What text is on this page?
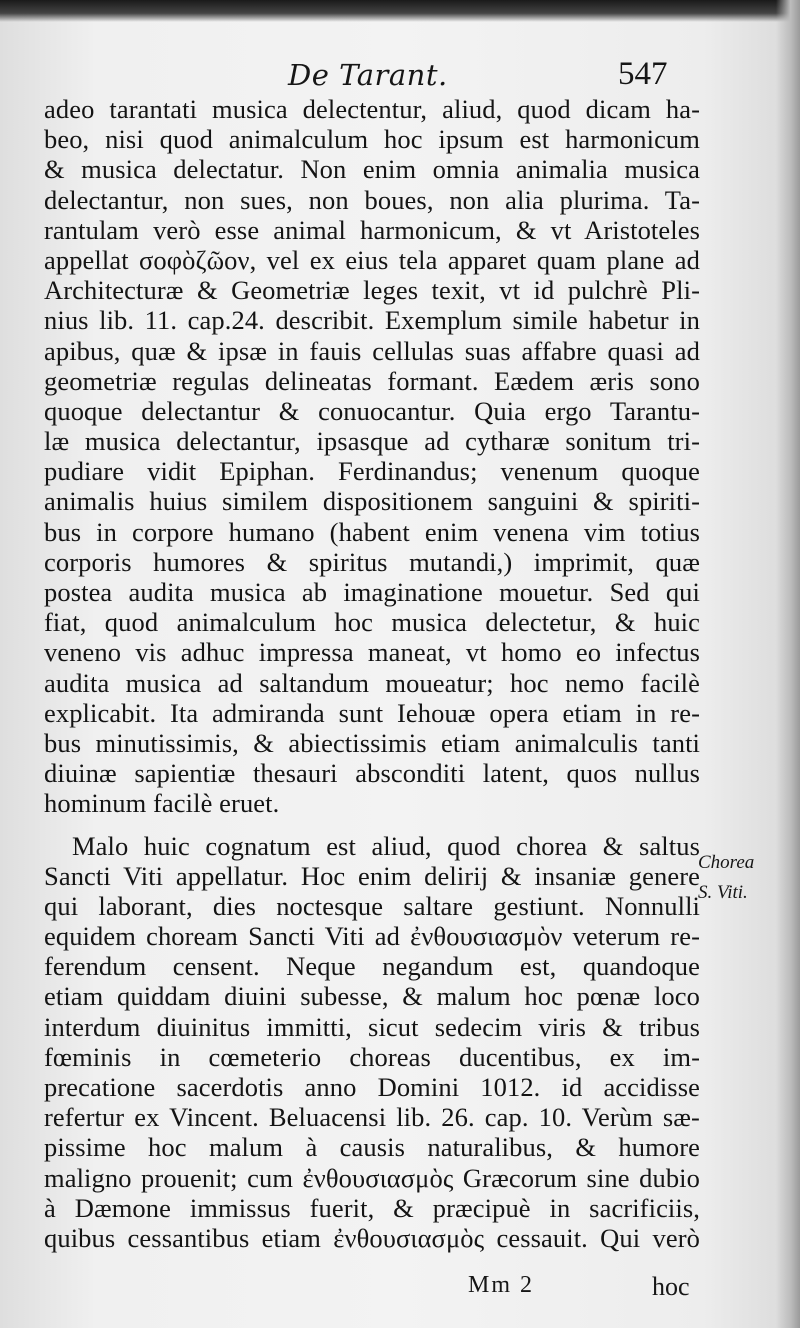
De Tarant.	547
adeo tarantati musica delectentur, aliud, quod dicam ha-
beo, nisi quod animalculum hoc ipsum est harmonicum
& musica delectatur. Non enim omnia animalia musica
delectantur, non sues, non boues, non alia plurima. Ta-
rantulam verò esse animal harmonicum, & vt Aristoteles
appellat σοφὸζῶον, vel ex eius tela apparet quam plane ad
Architecturæ & Geometriæ leges texit, vt id pulchrè Pli-
nius lib. 11. cap.24. describit. Exemplum simile habetur in
apibus, quæ & ipsæ in fauis cellulas suas affabre quasi ad
geometriæ regulas delineatas formant. Eædem æris sono
quoque delectantur & conuocantur. Quia ergo Tarantu-
læ musica delectantur, ipsasque ad cytharæ sonitum tri-
pudiare vidit Epiphan. Ferdinandus; venenum quoque
animalis huius similem dispositionem sanguini & spiriti-
bus in corpore humano (habent enim venena vim totius
corporis humores & spiritus mutandi,) imprimit, quæ
postea audita musica ab imaginatione mouetur. Sed qui
fiat, quod animalculum hoc musica delectetur, & huic
veneno vis adhuc impressa maneat, vt homo eo infectus
audita musica ad saltandum moueatur; hoc nemo facilè
explicabit. Ita admiranda sunt Iehouæ opera etiam in re-
bus minutissimis, & abiectissimis etiam animalculis tanti
diuinæ sapientiæ thesauri absconditi latent, quos nullus
hominum facilè eruet.
Malo huic cognatum est aliud, quod chorea & saltus
Sancti Viti appellatur. Hoc enim delirij & insaniæ genere
qui laborant, dies noctesque saltare gestiunt. Nonnulli
equidem choream Sancti Viti ad ἐνθουσιασμὸν veterum re-
ferendum censent. Neque negandum est, quandoque
etiam quiddam diuini subesse, & malum hoc pœnæ loco
interdum diuinitus immitti, sicut sedecim viris & tribus
fœminis in cœmeterio choreas ducentibus, ex im-
precatione sacerdotis anno Domini 1012. id accidisse
refertur ex Vincent. Beluacensi lib. 26. cap. 10. Verùm sæ-
pissime hoc malum à causis naturalibus, & humore
maligno prouenit; cum ἐνθουσιασμὸς Græcorum sine dubio
à Dæmone immissus fuerit, & præcipuè in sacrificiis,
quibus cessantibus etiam ἐνθουσιασμὸς cessauit. Qui verò
Chorea
S. Viti.
Mm 2	hoc
